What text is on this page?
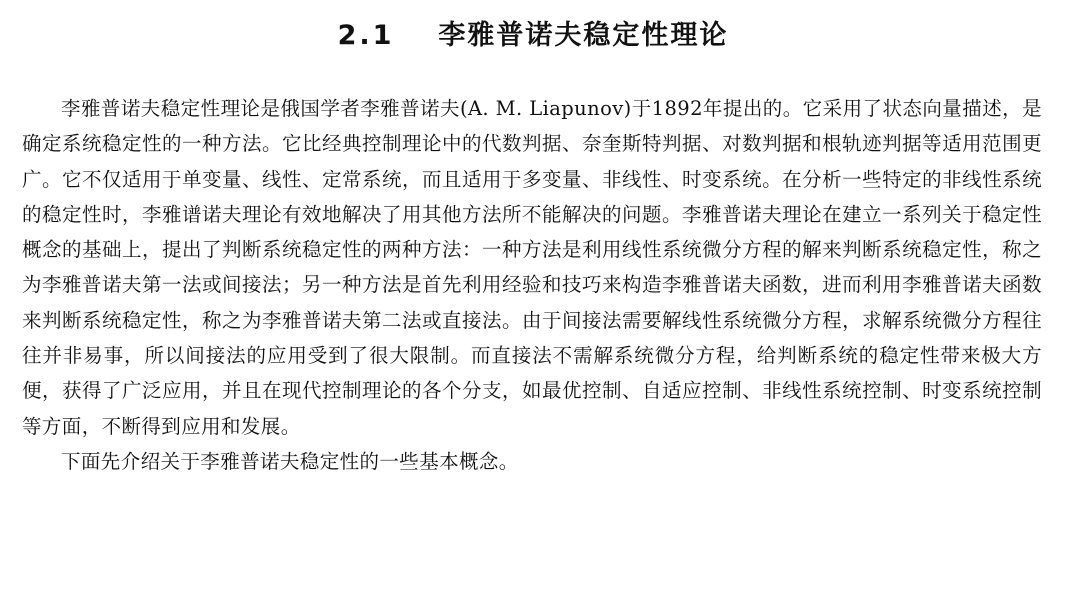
2.1 李雅普诺夫稳定性理论

李雅普诺夫稳定性理论是俄国学者李雅普诺夫(A. M. Liapunov)于1892年提出的。它采用了状态向量描述，是确定系统稳定性的一种方法。它比经典控制理论中的代数判据、奈奎斯特判据、对数判据和根轨迹判据等适用范围更广。它不仅适用于单变量、线性、定常系统，而且适用于多变量、非线性、时变系统。在分析一些特定的非线性系统的稳定性时，李雅谱诺夫理论有效地解决了用其他方法所不能解决的问题。李雅普诺夫理论在建立一系列关于稳定性概念的基础上，提出了判断系统稳定性的两种方法：一种方法是利用线性系统微分方程的解来判断系统稳定性，称之为李雅普诺夫第一法或间接法；另一种方法是首先利用经验和技巧来构造李雅普诺夫函数，进而利用李雅普诺夫函数来判断系统稳定性，称之为李雅普诺夫第二法或直接法。由于间接法需要解线性系统微分方程，求解系统微分方程往往并非易事，所以间接法的应用受到了很大限制。而直接法不需解系统微分方程，给判断系统的稳定性带来极大方便，获得了广泛应用，并且在现代控制理论的各个分支，如最优控制、自适应控制、非线性系统控制、时变系统控制等方面，不断得到应用和发展。

下面先介绍关于李雅普诺夫稳定性的一些基本概念。
